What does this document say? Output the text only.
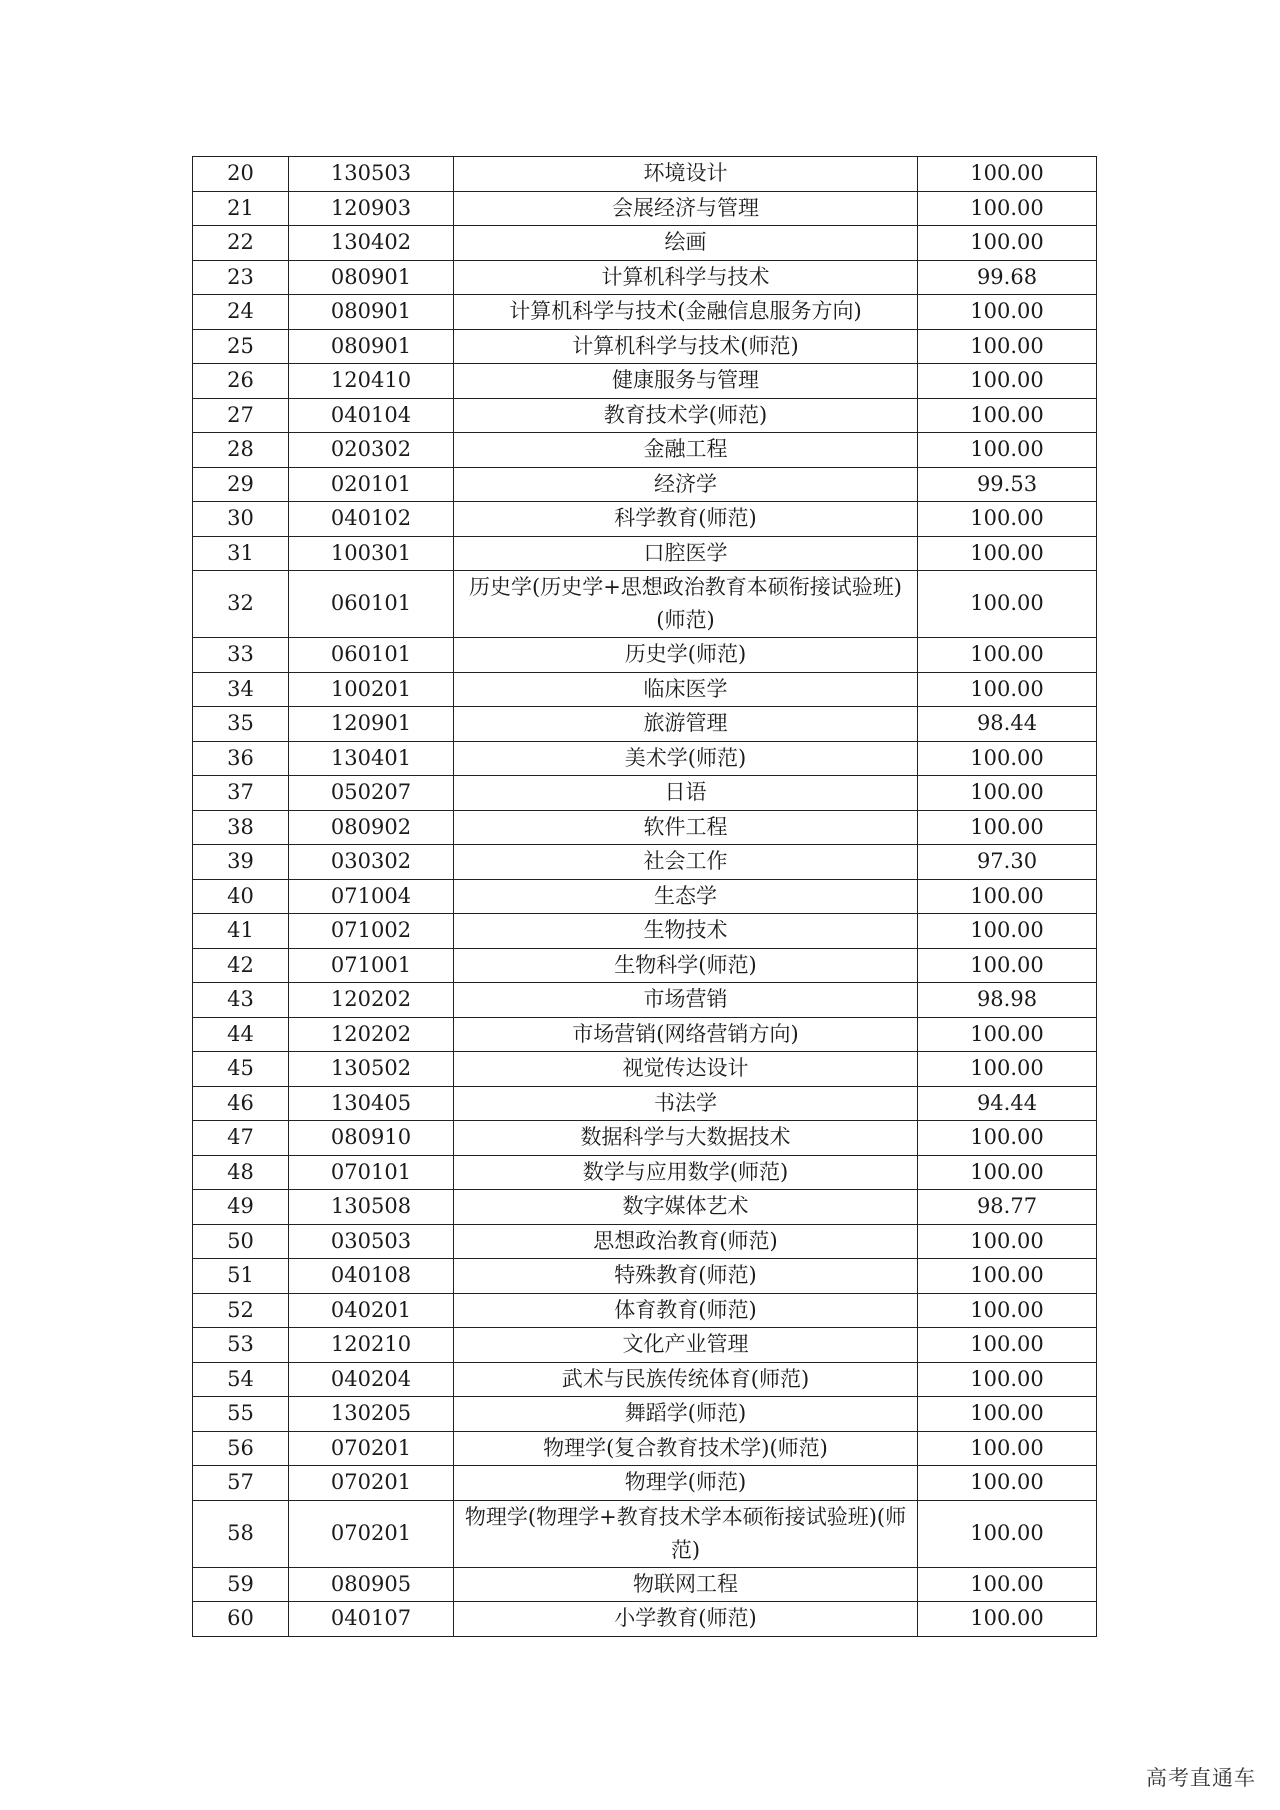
20	130503	环境设计	100.00
21	120903	会展经济与管理	100.00
22	130402	绘画	100.00
23	080901	计算机科学与技术	99.68
24	080901	计算机科学与技术(金融信息服务方向)	100.00
25	080901	计算机科学与技术(师范)	100.00
26	120410	健康服务与管理	100.00
27	040104	教育技术学(师范)	100.00
28	020302	金融工程	100.00
29	020101	经济学	99.53
30	040102	科学教育(师范)	100.00
31	100301	口腔医学	100.00
32	060101	历史学(历史学+思想政治教育本硕衔接试验班)(师范)	100.00
33	060101	历史学(师范)	100.00
34	100201	临床医学	100.00
35	120901	旅游管理	98.44
36	130401	美术学(师范)	100.00
37	050207	日语	100.00
38	080902	软件工程	100.00
39	030302	社会工作	97.30
40	071004	生态学	100.00
41	071002	生物技术	100.00
42	071001	生物科学(师范)	100.00
43	120202	市场营销	98.98
44	120202	市场营销(网络营销方向)	100.00
45	130502	视觉传达设计	100.00
46	130405	书法学	94.44
47	080910	数据科学与大数据技术	100.00
48	070101	数学与应用数学(师范)	100.00
49	130508	数字媒体艺术	98.77
50	030503	思想政治教育(师范)	100.00
51	040108	特殊教育(师范)	100.00
52	040201	体育教育(师范)	100.00
53	120210	文化产业管理	100.00
54	040204	武术与民族传统体育(师范)	100.00
55	130205	舞蹈学(师范)	100.00
56	070201	物理学(复合教育技术学)(师范)	100.00
57	070201	物理学(师范)	100.00
58	070201	物理学(物理学+教育技术学本硕衔接试验班)(师范)	100.00
59	080905	物联网工程	100.00
60	040107	小学教育(师范)	100.00
高考直通车
